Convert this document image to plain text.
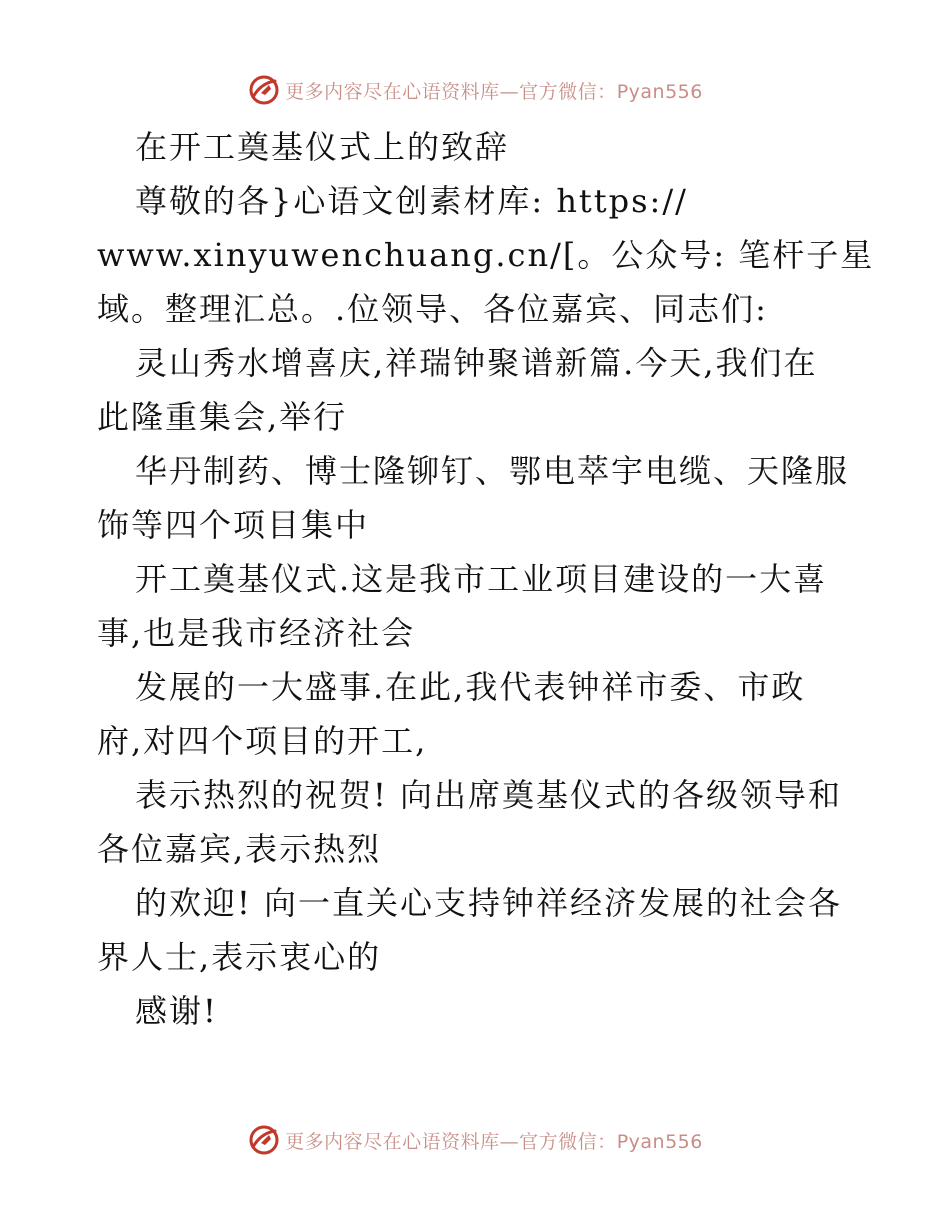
更多内容尽在心语资料库—官方微信：Pyan556
在开工奠基仪式上的致辞
尊敬的各}心语文创素材库: https://
www.xinyuwenchuang.cn/[。公众号: 笔杆子星
域。整理汇总。.位领导、各位嘉宾、同志们:
灵山秀水增喜庆,祥瑞钟聚谱新篇.今天,我们在
此隆重集会,举行
华丹制药、博士隆铆钉、鄂电萃宇电缆、天隆服
饰等四个项目集中
开工奠基仪式.这是我市工业项目建设的一大喜
事,也是我市经济社会
发展的一大盛事.在此,我代表钟祥市委、市政
府,对四个项目的开工,
表示热烈的祝贺! 向出席奠基仪式的各级领导和
各位嘉宾,表示热烈
的欢迎! 向一直关心支持钟祥经济发展的社会各
界人士,表示衷心的
感谢!
更多内容尽在心语资料库—官方微信：Pyan556
